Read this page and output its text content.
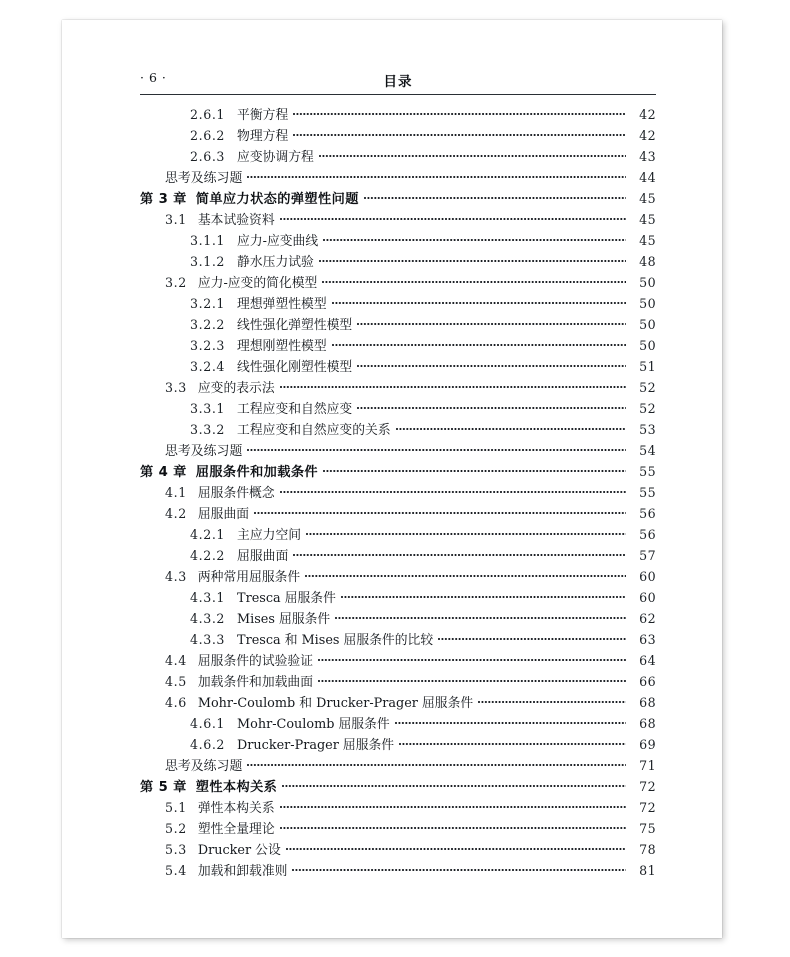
· 6 ·	目录
2.6.1 平衡方程	42
2.6.2 物理方程	42
2.6.3 应变协调方程	43
思考及练习题	44
第 3 章 简单应力状态的弹塑性问题	45
3.1 基本试验资料	45
3.1.1 应力-应变曲线	45
3.1.2 静水压力试验	48
3.2 应力-应变的简化模型	50
3.2.1 理想弹塑性模型	50
3.2.2 线性强化弹塑性模型	50
3.2.3 理想刚塑性模型	50
3.2.4 线性强化刚塑性模型	51
3.3 应变的表示法	52
3.3.1 工程应变和自然应变	52
3.3.2 工程应变和自然应变的关系	53
思考及练习题	54
第 4 章 屈服条件和加载条件	55
4.1 屈服条件概念	55
4.2 屈服曲面	56
4.2.1 主应力空间	56
4.2.2 屈服曲面	57
4.3 两种常用屈服条件	60
4.3.1 Tresca 屈服条件	60
4.3.2 Mises 屈服条件	62
4.3.3 Tresca 和 Mises 屈服条件的比较	63
4.4 屈服条件的试验验证	64
4.5 加载条件和加载曲面	66
4.6 Mohr-Coulomb 和 Drucker-Prager 屈服条件	68
4.6.1 Mohr-Coulomb 屈服条件	68
4.6.2 Drucker-Prager 屈服条件	69
思考及练习题	71
第 5 章 塑性本构关系	72
5.1 弹性本构关系	72
5.2 塑性全量理论	75
5.3 Drucker 公设	78
5.4 加载和卸载准则	81
